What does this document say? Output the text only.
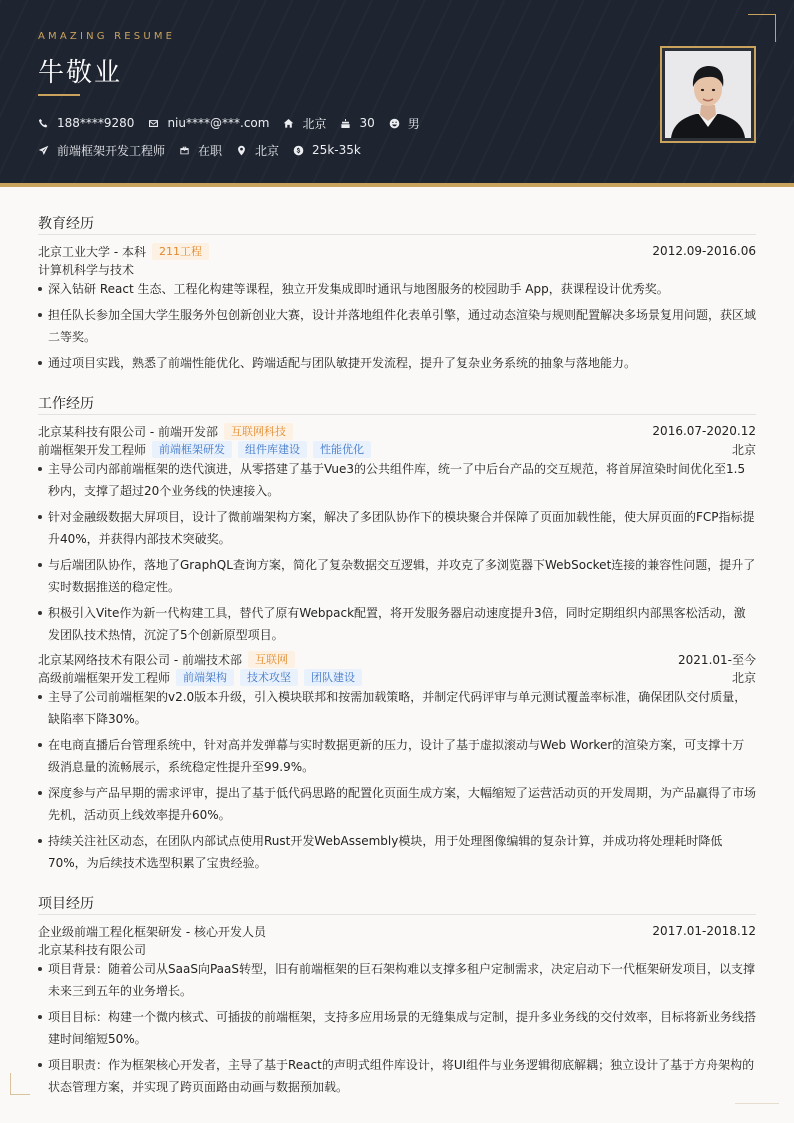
AMAZING RESUME
牛敬业
188****9280	niu****@***.com	北京	30	男
前端框架开发工程师	在职	北京	25k-35k
教育经历
北京工业大学 - 本科	211工程	2012.09-2016.06
计算机科学与技术
深入钻研 React 生态、工程化构建等课程，独立开发集成即时通讯与地图服务的校园助手 App，获课程设计优秀奖。
担任队长参加全国大学生服务外包创新创业大赛，设计并落地组件化表单引擎，通过动态渲染与规则配置解决多场景复用问题，获区域二等奖。
通过项目实践，熟悉了前端性能优化、跨端适配与团队敏捷开发流程，提升了复杂业务系统的抽象与落地能力。
工作经历
北京某科技有限公司 - 前端开发部	互联网科技	2016.07-2020.12
前端框架开发工程师	前端框架研发	组件库建设	性能优化	北京
主导公司内部前端框架的迭代演进，从零搭建了基于Vue3的公共组件库，统一了中后台产品的交互规范，将首屏渲染时间优化至1.5秒内，支撑了超过20个业务线的快速接入。
针对金融级数据大屏项目，设计了微前端架构方案，解决了多团队协作下的模块聚合并保障了页面加载性能，使大屏页面的FCP指标提升40%，并获得内部技术突破奖。
与后端团队协作，落地了GraphQL查询方案，简化了复杂数据交互逻辑，并攻克了多浏览器下WebSocket连接的兼容性问题，提升了实时数据推送的稳定性。
积极引入Vite作为新一代构建工具，替代了原有Webpack配置，将开发服务器启动速度提升3倍，同时定期组织内部黑客松活动，激发团队技术热情，沉淀了5个创新原型项目。
北京某网络技术有限公司 - 前端技术部	互联网	2021.01-至今
高级前端框架开发工程师	前端架构	技术攻坚	团队建设	北京
主导了公司前端框架的v2.0版本升级，引入模块联邦和按需加载策略，并制定代码评审与单元测试覆盖率标准，确保团队交付质量，缺陷率下降30%。
在电商直播后台管理系统中，针对高并发弹幕与实时数据更新的压力，设计了基于虚拟滚动与Web Worker的渲染方案，可支撑十万级消息量的流畅展示，系统稳定性提升至99.9%。
深度参与产品早期的需求评审，提出了基于低代码思路的配置化页面生成方案，大幅缩短了运营活动页的开发周期，为产品赢得了市场先机，活动页上线效率提升60%。
持续关注社区动态，在团队内部试点使用Rust开发WebAssembly模块，用于处理图像编辑的复杂计算，并成功将处理耗时降低70%，为后续技术选型积累了宝贵经验。
项目经历
企业级前端工程化框架研发 - 核心开发人员	2017.01-2018.12
北京某科技有限公司
项目背景：随着公司从SaaS向PaaS转型，旧有前端框架的巨石架构难以支撑多租户定制需求，决定启动下一代框架研发项目，以支撑未来三到五年的业务增长。
项目目标：构建一个微内核式、可插拔的前端框架，支持多应用场景的无缝集成与定制，提升多业务线的交付效率，目标将新业务线搭建时间缩短50%。
项目职责：作为框架核心开发者，主导了基于React的声明式组件库设计，将UI组件与业务逻辑彻底解耦；独立设计了基于方舟架构的状态管理方案，并实现了跨页面路由动画与数据预加载。
